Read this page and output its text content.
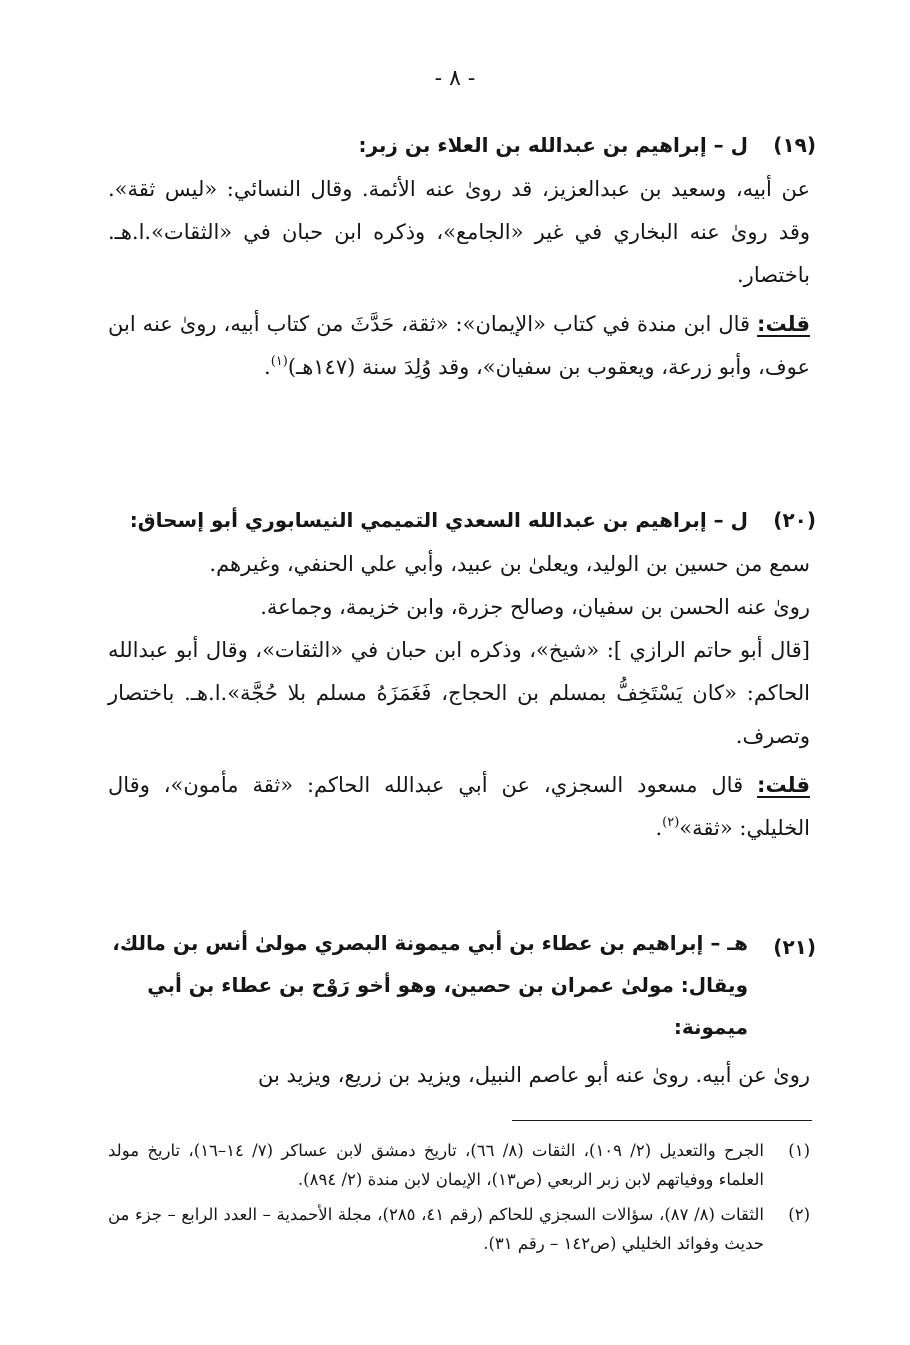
- ٨ -
(١٩)
ل – إبراهيم بن عبدالله بن العلاء بن زبر:

عن أبيه، وسعيد بن عبدالعزيز، قد روىٰ عنه الأئمة. وقال النسائي: «ليس ثقة». وقد روىٰ عنه البخاري في غير «الجامع»، وذكره ابن حبان في «الثقات».ا.هـ. باختصار.

قلت: قال ابن مندة في كتاب «الإيمان»: «ثقة، حَدَّثَ من كتاب أبيه، روىٰ عنه ابن عوف، وأبو زرعة، ويعقوب بن سفيان»، وقد وُلِدَ سنة (١٤٧هـ)$^{(١)}$.

(٢٠)
ل – إبراهيم بن عبدالله السعدي التميمي النيسابوري أبو إسحاق:

سمع من حسين بن الوليد، ويعلىٰ بن عبيد، وأبي علي الحنفي، وغيرهم.

روىٰ عنه الحسن بن سفيان، وصالح جزرة، وابن خزيمة، وجماعة.

[قال أبو حاتم الرازي ]: «شيخ»، وذكره ابن حبان في «الثقات»، وقال أبو عبدالله الحاكم: «كان يَسْتَخِفُّ بمسلم بن الحجاج، فَغَمَزَهُ مسلم بلا حُجَّة».ا.هـ. باختصار وتصرف.

قلت: قال مسعود السجزي، عن أبي عبدالله الحاكم: «ثقة مأمون»، وقال الخليلي: «ثقة»$^{(٢)}$.

(٢١)
هـ – إبراهيم بن عطاء بن أبي ميمونة البصري مولىٰ أنس بن مالك، ويقال: مولىٰ عمران بن حصين، وهو أخو رَوْح بن عطاء بن أبي ميمونة:

روىٰ عن أبيه. روىٰ عنه أبو عاصم النبيل، ويزيد بن زريع، ويزيد بن

(١)
الجرح والتعديل (٢/ ١٠٩)، الثقات (٨/ ٦٦)، تاريخ دمشق لابن عساكر (٧/ ١٤–١٦)، تاريخ مولد العلماء ووفياتهم لابن زبر الربعي (ص١٣)، الإيمان لابن مندة (٢/ ٨٩٤).
(٢)
الثقات (٨/ ٨٧)، سؤالات السجزي للحاكم (رقم ٤١، ٢٨٥)، مجلة الأحمدية – العدد الرابع – جزء من حديث وفوائد الخليلي (ص١٤٢ – رقم ٣١).
